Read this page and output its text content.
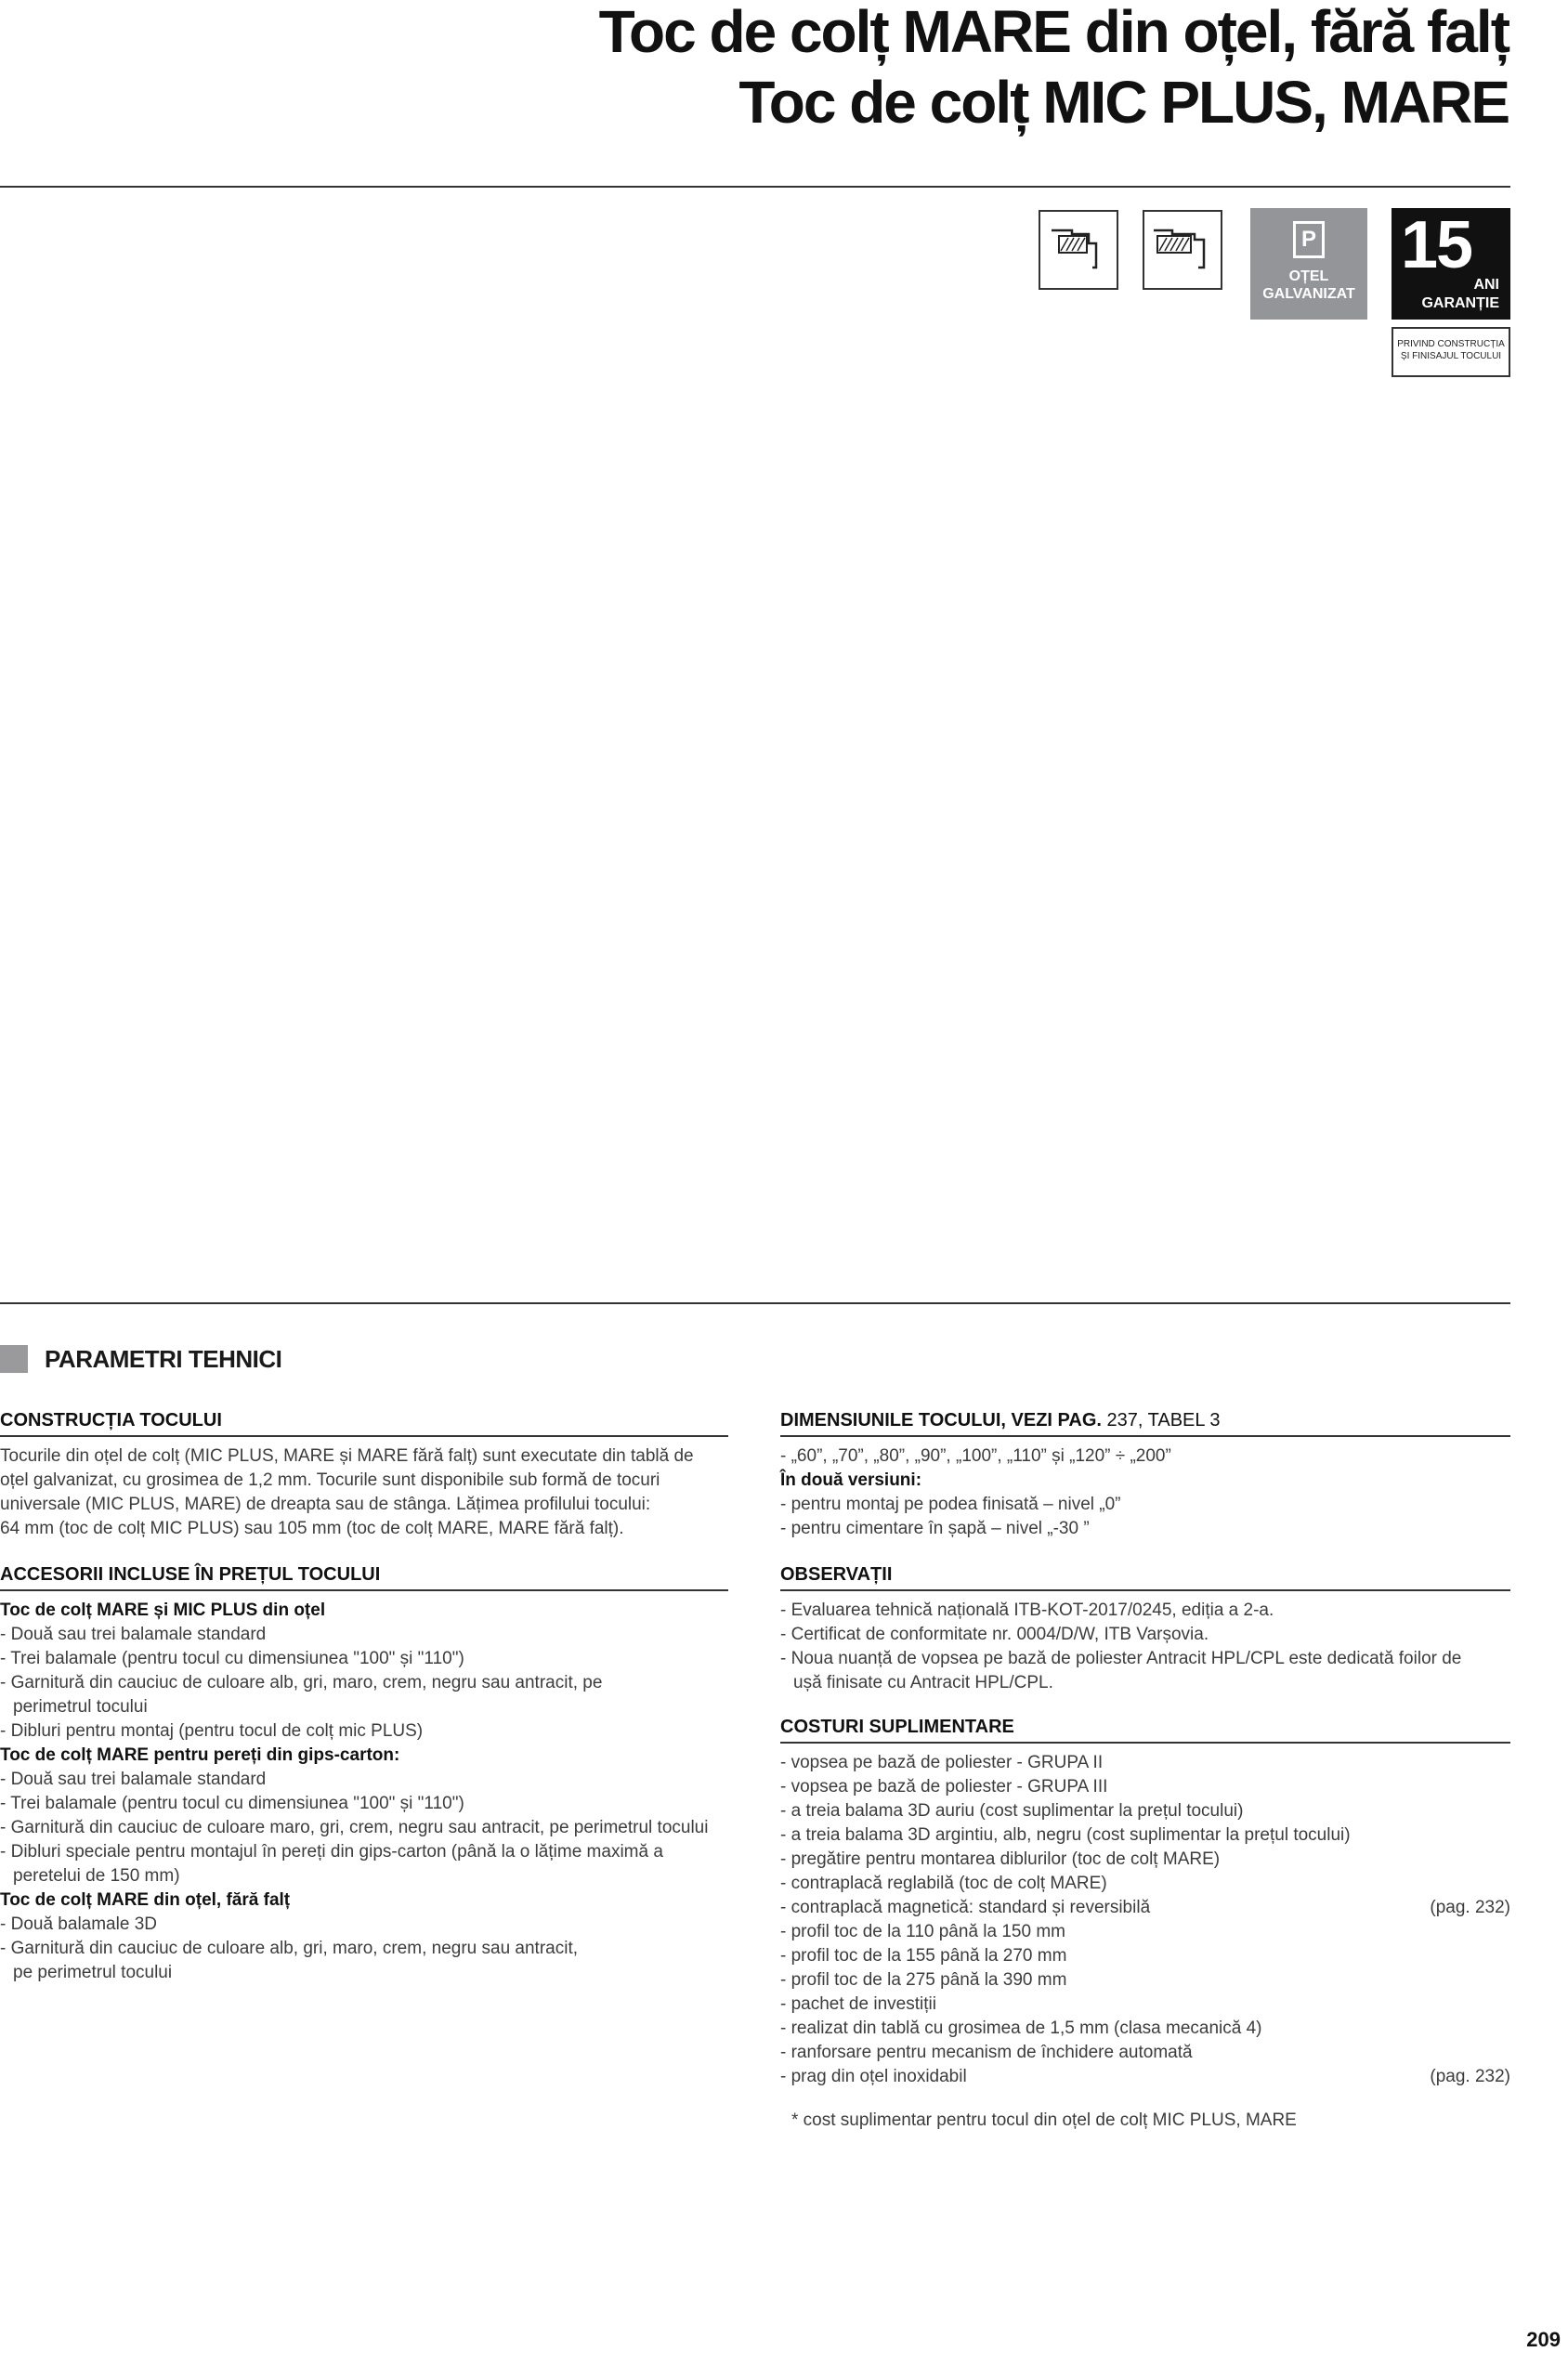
Toc de colț MARE din oțel, fără falț
Toc de colț MIC PLUS, MARE
P
OȚEL
GALVANIZAT
15
ANI
GARANȚIE
PRIVIND CONSTRUCȚIA
ȘI FINISAJUL TOCULUI
PARAMETRI TEHNICI
CONSTRUCȚIA TOCULUI
Tocurile din oțel de colț (MIC PLUS, MARE și MARE fără falț) sunt executate din tablă de
oțel galvanizat, cu grosimea de 1,2 mm. Tocurile sunt disponibile sub formă de tocuri
universale (MIC PLUS, MARE) de dreapta sau de stânga. Lățimea profilului tocului:
64 mm (toc de colț MIC PLUS) sau 105 mm (toc de colț MARE, MARE fără falț).
ACCESORII INCLUSE ÎN PREȚUL TOCULUI
Toc de colț MARE și MIC PLUS din oțel
- Două sau trei balamale standard
- Trei balamale (pentru tocul cu dimensiunea "100" și "110")
- Garnitură din cauciuc de culoare alb, gri, maro, crem, negru sau antracit, pe
perimetrul tocului
- Dibluri pentru montaj (pentru tocul de colț mic PLUS)
Toc de colț MARE pentru pereți din gips-carton:
- Două sau trei balamale standard
- Trei balamale (pentru tocul cu dimensiunea "100" și "110")
- Garnitură din cauciuc de culoare maro, gri, crem, negru sau antracit, pe perimetrul tocului
- Dibluri speciale pentru montajul în pereți din gips-carton (până la o lățime maximă a
peretelui de 150 mm)
Toc de colț MARE din oțel, fără falț
- Două balamale 3D
- Garnitură din cauciuc de culoare alb, gri, maro, crem, negru sau antracit,
pe perimetrul tocului
DIMENSIUNILE TOCULUI, VEZI PAG. 237, TABEL 3
- „60”, „70”, „80”, „90”, „100”, „110” și „120” ÷ „200”
În două versiuni:
- pentru montaj pe podea finisată – nivel „0”
- pentru cimentare în șapă – nivel „-30 ”
OBSERVAȚII
- Evaluarea tehnică națională ITB-KOT-2017/0245, ediția a 2-a.
- Certificat de conformitate nr. 0004/D/W, ITB Varșovia.
- Noua nuanță de vopsea pe bază de poliester Antracit HPL/CPL este dedicată foilor de
ușă finisate cu Antracit HPL/CPL.
COSTURI SUPLIMENTARE
- vopsea pe bază de poliester - GRUPA II
- vopsea pe bază de poliester - GRUPA III
- a treia balama 3D auriu (cost suplimentar la prețul tocului)
- a treia balama 3D argintiu, alb, negru (cost suplimentar la prețul tocului)
- pregătire pentru montarea diblurilor (toc de colț MARE)
- contraplacă reglabilă (toc de colț MARE)
- contraplacă magnetică: standard și reversibilă	(pag. 232)
- profil toc de la 110 până la 150 mm
- profil toc de la 155 până la 270 mm
- profil toc de la 275 până la 390 mm
- pachet de investiții
- realizat din tablă cu grosimea de 1,5 mm (clasa mecanică 4)
- ranforsare pentru mecanism de închidere automată
- prag din oțel inoxidabil	(pag. 232)
* cost suplimentar pentru tocul din oțel de colț MIC PLUS, MARE
209
